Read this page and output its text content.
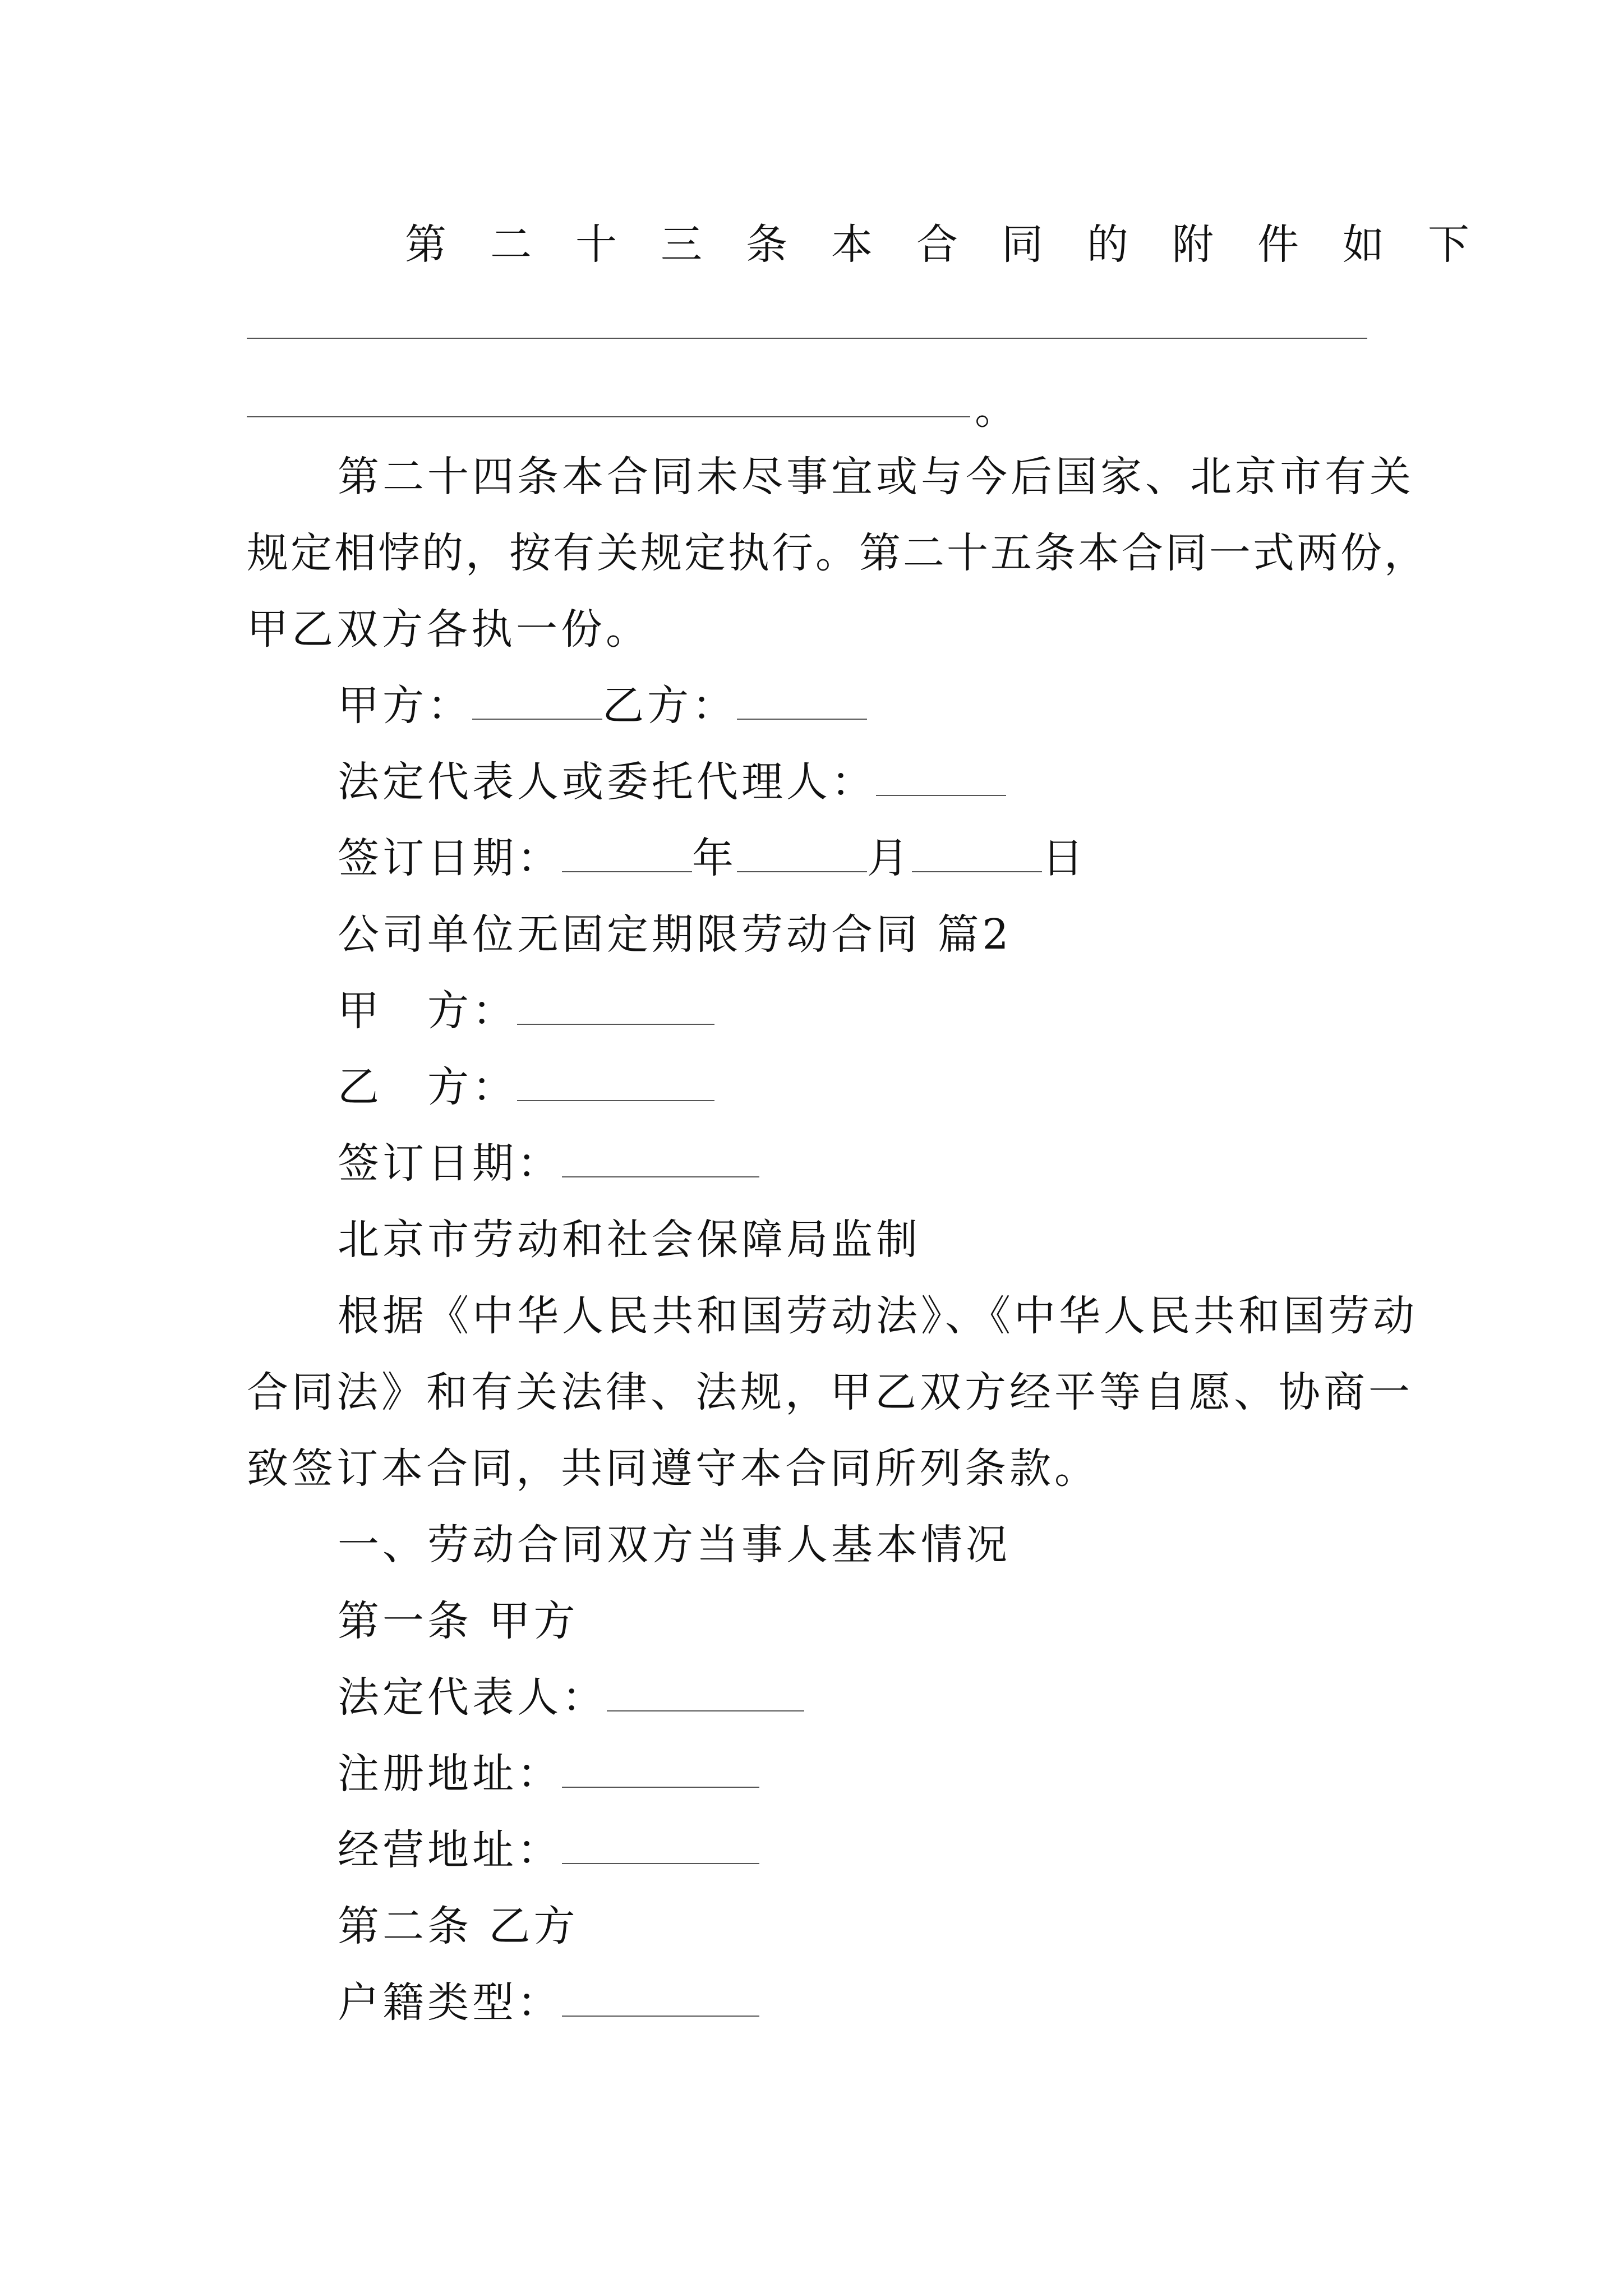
第二十三条本合同的附件如下
。
第二十四条本合同未尽事宜或与今后国家、北京市有关
规定相悖的，按有关规定执行。第二十五条本合同一式两份，
甲乙双方各执一份。
甲方：	乙方：
法定代表人或委托代理人：
签订日期：	年	月	日
公司单位无固定期限劳动合同 篇2
甲　方：
乙　方：
签订日期：
北京市劳动和社会保障局监制
根据《中华人民共和国劳动法》、《中华人民共和国劳动
合同法》和有关法律、法规，甲乙双方经平等自愿、协商一
致签订本合同，共同遵守本合同所列条款。
一、劳动合同双方当事人基本情况
第一条 甲方
法定代表人：
注册地址：
经营地址：
第二条 乙方
户籍类型：
